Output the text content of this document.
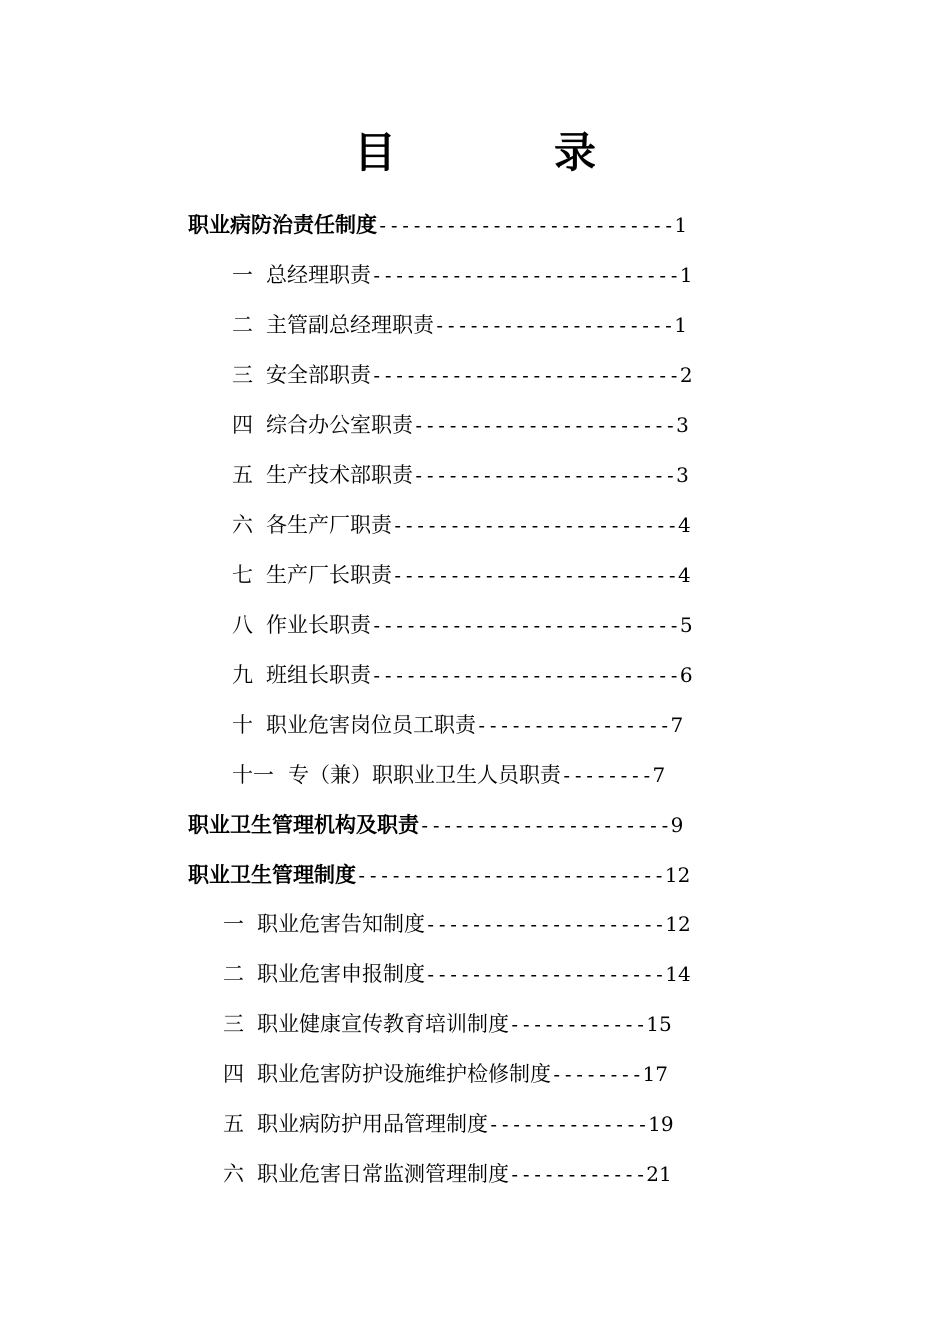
目　录
职业病防治责任制度--------------------------1
一 总经理职责---------------------------1
二 主管副总经理职责---------------------1
三 安全部职责---------------------------2
四 综合办公室职责-----------------------3
五 生产技术部职责-----------------------3
六 各生产厂职责-------------------------4
七 生产厂长职责-------------------------4
八 作业长职责---------------------------5
九 班组长职责---------------------------6
十 职业危害岗位员工职责-----------------7
十一 专（兼）职职业卫生人员职责--------7
职业卫生管理机构及职责----------------------9
职业卫生管理制度---------------------------12
一 职业危害告知制度---------------------12
二 职业危害申报制度---------------------14
三 职业健康宣传教育培训制度------------15
四 职业危害防护设施维护检修制度--------17
五 职业病防护用品管理制度--------------19
六 职业危害日常监测管理制度------------21
